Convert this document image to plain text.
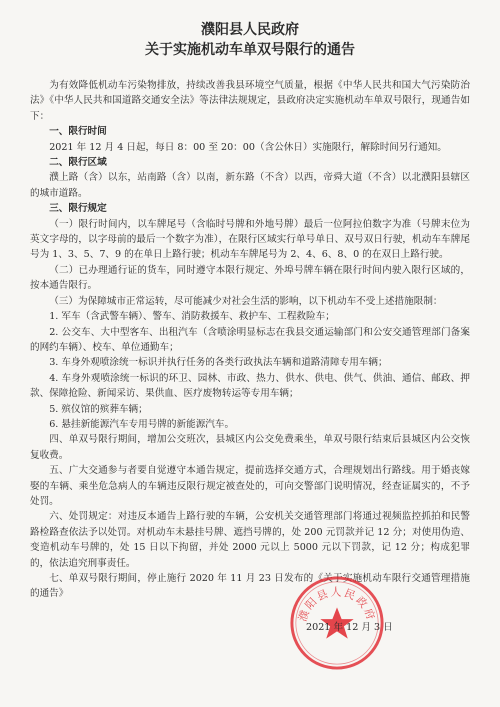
濮阳县人民政府

关于实施机动车单双号限行的通告

为有效降低机动车污染物排放，持续改善我县环境空气质量，根据《中华人民共和国大气污染防治法》《中华人民共和国道路交通安全法》等法律法规规定，县政府决定实施机动车单双号限行，现通告如下：

一、限行时间

2021 年 12 月 4 日起，每日 8：00 至 20：00（含公休日）实施限行，解除时间另行通知。

二、限行区域

濮上路（含）以东，站南路（含）以南，新东路（不含）以西，帝舜大道（不含）以北濮阳县辖区的城市道路。

三、限行规定

（一）限行时间内，以车牌尾号（含临时号牌和外地号牌）最后一位阿拉伯数字为准（号牌末位为英文字母的，以字母前的最后一个数字为准），在限行区域实行单号单日、双号双日行驶，机动车车牌尾号为 1、3、5、7、9 的在单日上路行驶；机动车车牌尾号为 2、4、6、8、0 的在双日上路行驶。

（二）已办理通行证的货车，同时遵守本限行规定、外埠号牌车辆在限行时间内驶入限行区域的，按本通告限行。

（三）为保障城市正常运转，尽可能减少对社会生活的影响，以下机动车不受上述措施限制：

1. 军车（含武警车辆）、警车、消防救援车、救护车、工程救险车；

2. 公交车、大中型客车、出租汽车（含喷涂明显标志在我县交通运输部门和公安交通管理部门备案的网约车辆）、校车、单位通勤车；

3. 车身外观喷涂统一标识并执行任务的各类行政执法车辆和道路清障专用车辆；

4. 车身外观喷涂统一标识的环卫、园林、市政、热力、供水、供电、供气、供油、通信、邮政、押款、保障抢险、新闻采访、果供血、医疗废物转运等专用车辆；

5. 殡仪馆的殡葬车辆；

6. 悬挂新能源汽车专用号牌的新能源汽车。

四、单双号限行期间，增加公交班次，县城区内公交免费乘坐，单双号限行结束后县城区内公交恢复收费。

五、广大交通参与者要自觉遵守本通告规定，提前选择交通方式，合理规划出行路线。用于婚丧嫁娶的车辆、乘坐危急病人的车辆违反限行规定被查处的，可向交警部门说明情况，经查证属实的，不予处罚。

六、处罚规定：对违反本通告上路行驶的车辆，公安机关交通管理部门将通过视频监控抓拍和民警路检路查依法予以处罚。对机动车未悬挂号牌、遮挡号牌的，处 200 元罚款并记 12 分；对使用伪造、变造机动车号牌的，处 15 日以下拘留，并处 2000 元以上 5000 元以下罚款，记 12 分；构成犯罪的，依法追究刑事责任。

七、单双号限行期间，停止施行 2020 年 11 月 23 日发布的《关于实施机动车限行交通管理措施的通告》

濮阳县人民政府
2021 年 12 月 3 日
